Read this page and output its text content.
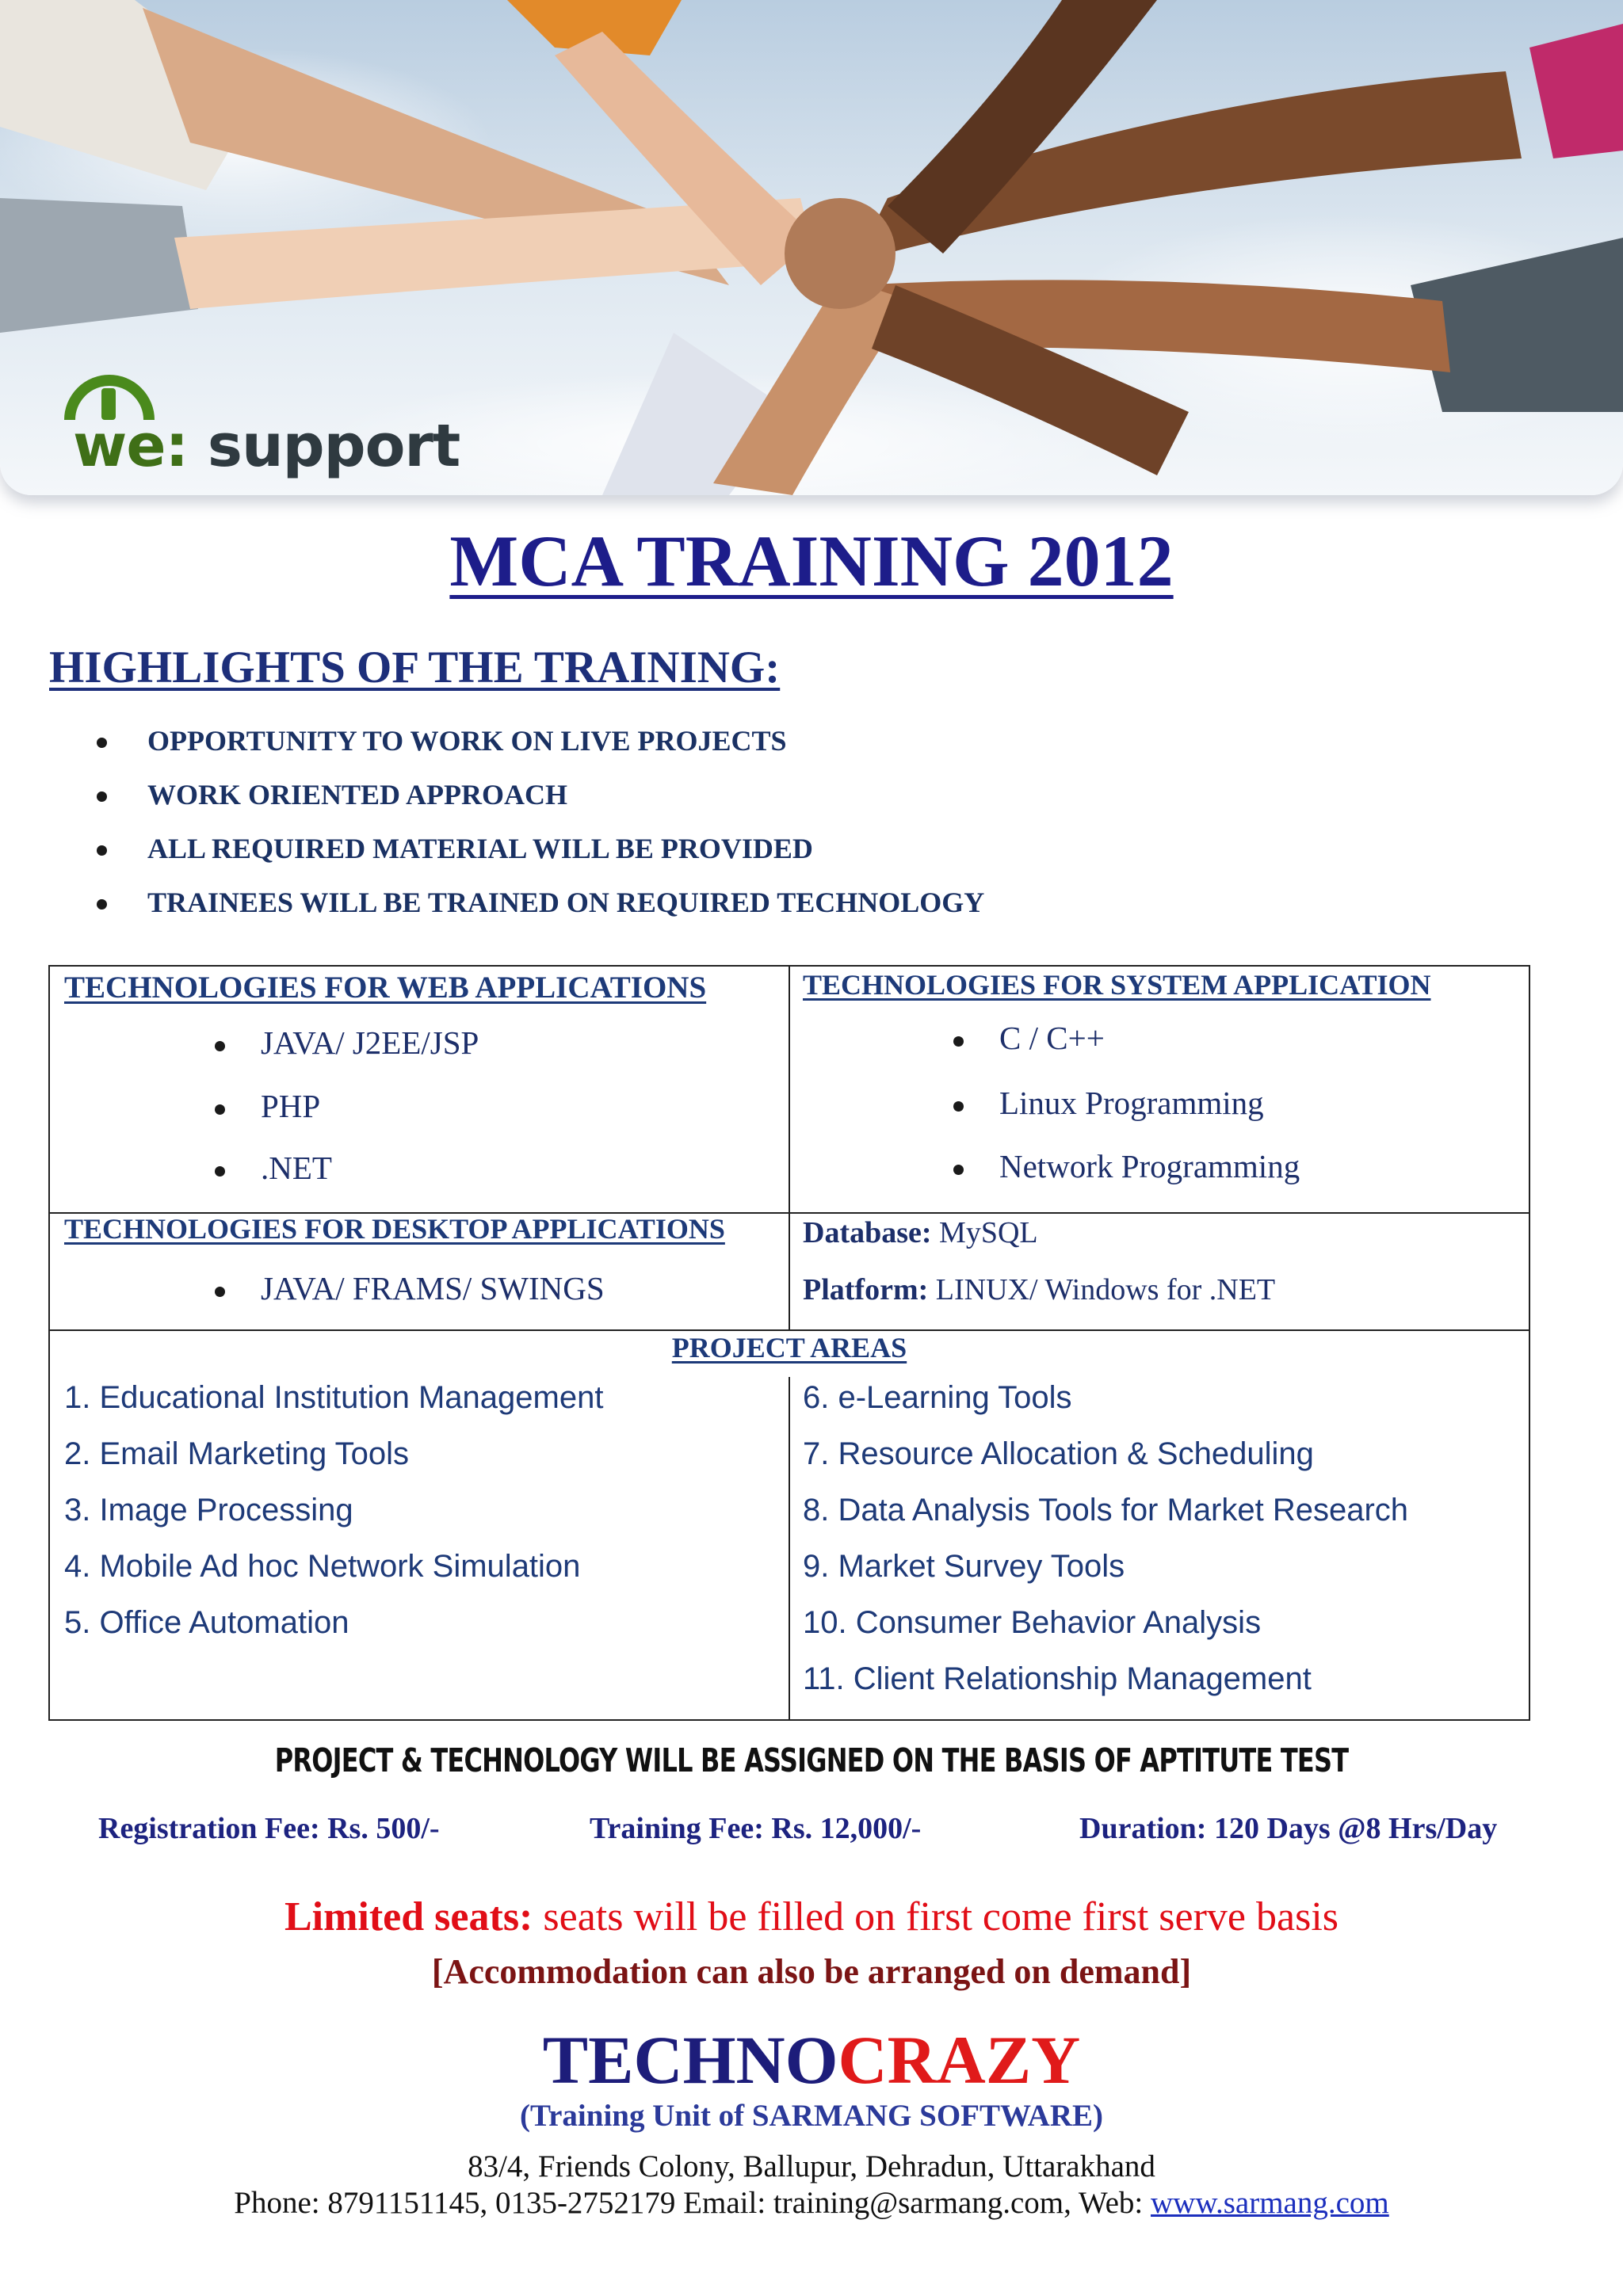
we: support
MCA TRAINING 2012
HIGHLIGHTS OF THE TRAINING:
OPPORTUNITY TO WORK ON LIVE PROJECTS
WORK ORIENTED APPROACH
ALL REQUIRED MATERIAL WILL BE PROVIDED
TRAINEES WILL BE TRAINED ON REQUIRED TECHNOLOGY
TECHNOLOGIES FOR WEB APPLICATIONS
JAVA/ J2EE/JSP
PHP
.NET
TECHNOLOGIES FOR SYSTEM APPLICATION
C / C++
Linux Programming
Network Programming
TECHNOLOGIES FOR DESKTOP APPLICATIONS
JAVA/ FRAMS/ SWINGS
Database: MySQL
Platform: LINUX/ Windows for .NET
PROJECT AREAS
1. Educational Institution Management
2. Email Marketing Tools
3. Image Processing
4. Mobile Ad hoc Network Simulation
5. Office Automation
6. e-Learning Tools
7. Resource Allocation & Scheduling
8. Data Analysis Tools for Market Research
9. Market Survey Tools
10. Consumer Behavior Analysis
11. Client Relationship Management
PROJECT & TECHNOLOGY WILL BE ASSIGNED ON THE BASIS OF APTITUTE TEST
Registration Fee: Rs. 500/-	Training Fee: Rs. 12,000/-	Duration: 120 Days @8 Hrs/Day
Limited seats: seats will be filled on first come first serve basis
[Accommodation can also be arranged on demand]
TECHNOCRAZY
(Training Unit of SARMANG SOFTWARE)
83/4, Friends Colony, Ballupur, Dehradun, Uttarakhand
Phone: 8791151145, 0135-2752179 Email: training@sarmang.com, Web: www.sarmang.com
